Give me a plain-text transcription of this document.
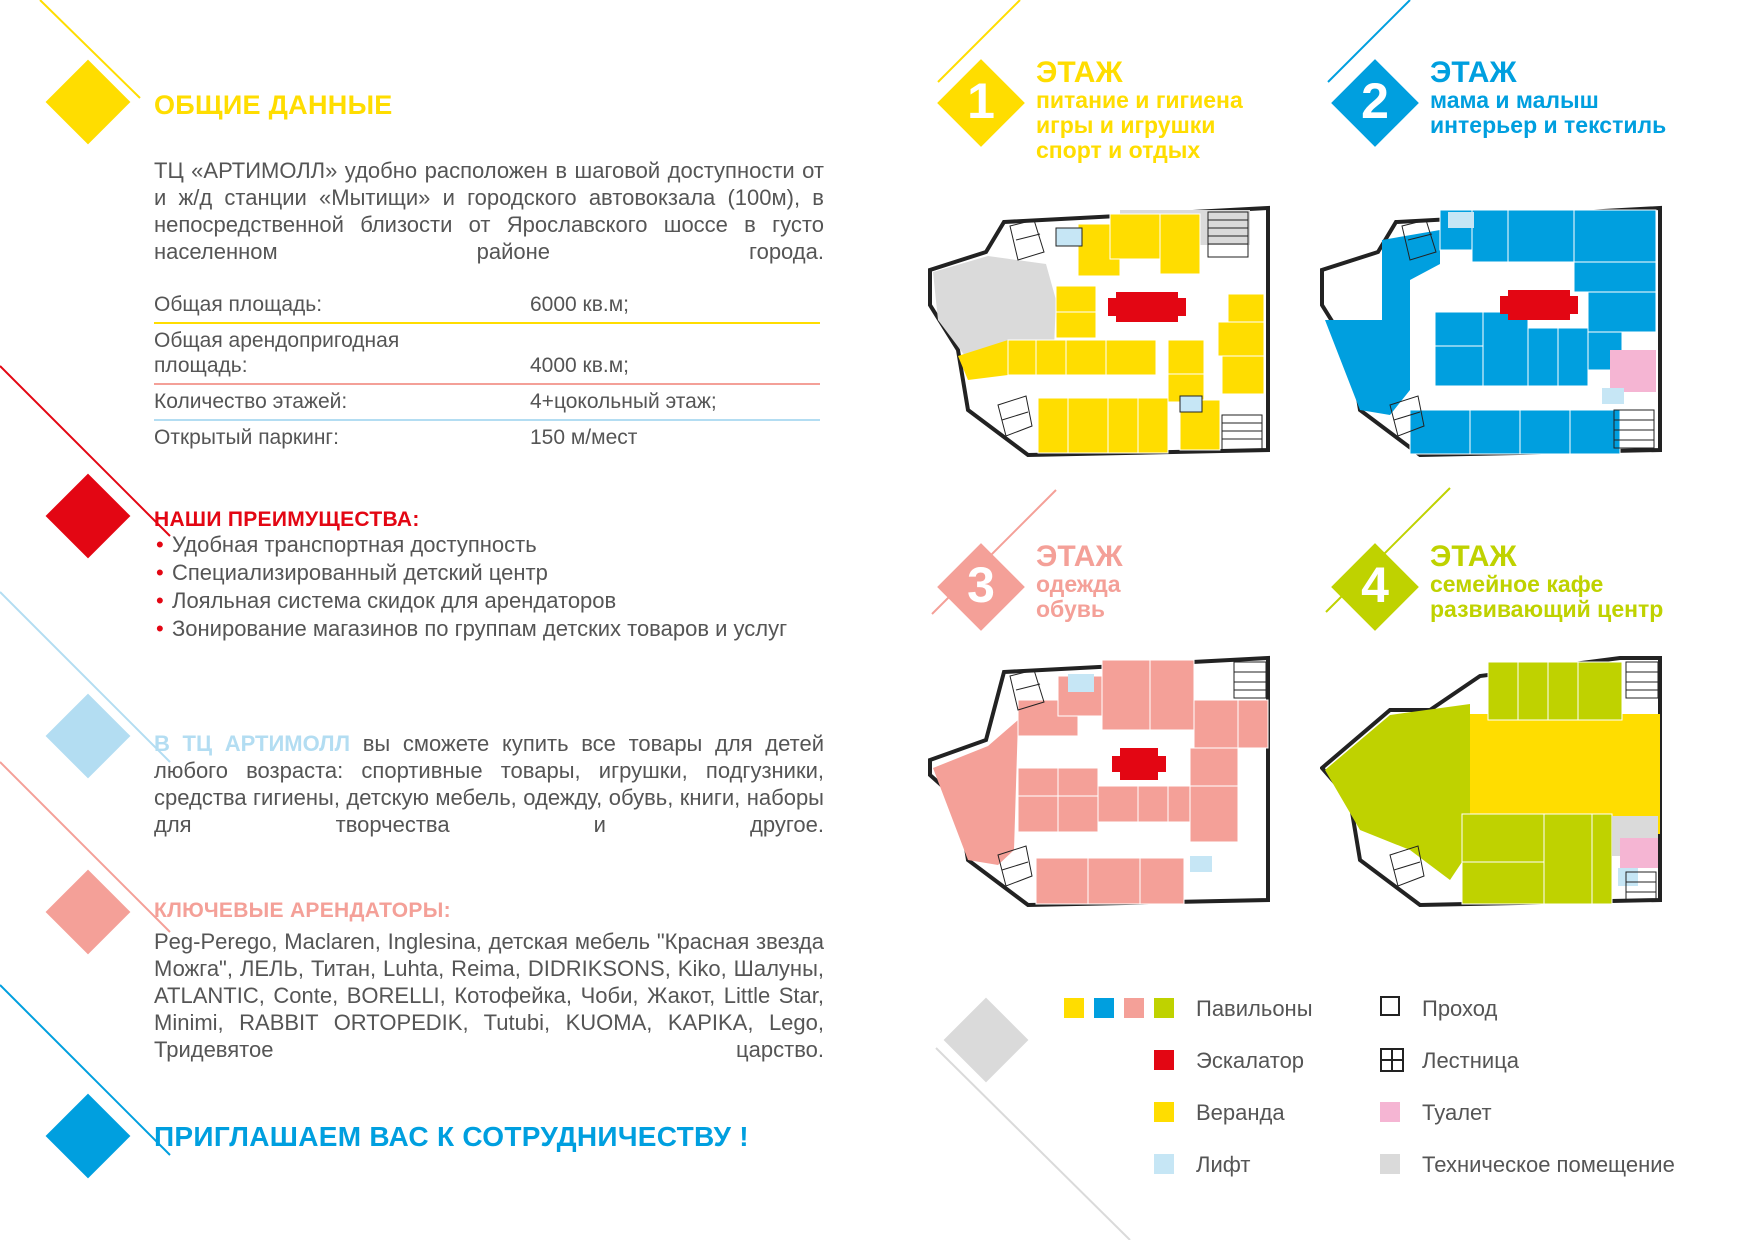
ОБЩИЕ ДАННЫЕ
ТЦ «АРТИМОЛЛ» удобно расположен в шаговой доступности от и ж/д станции «Мытищи» и городского автовокзала (100м), в непосредственной близости от Ярославского шоссе в густо населенном районе города.
Общая площадь:	6000 кв.м;
Общая арендопригодная площадь:	4000 кв.м;
Количество этажей:	4+цокольный этаж;
Открытый паркинг:	150 м/мест
НАШИ ПРЕИМУЩЕСТВА:
• Удобная транспортная доступность
• Специализированный детский центр
• Лояльная система скидок для арендаторов
• Зонирование магазинов по группам детских товаров и услуг
В ТЦ АРТИМОЛЛ вы сможете купить все товары для детей любого возраста: спортивные товары, игрушки, подгузники, средства гигиены, детскую мебель, одежду, обувь, книги, наборы для творчества и другое.
КЛЮЧЕВЫЕ АРЕНДАТОРЫ:
Peg-Perego, Maclaren, Inglesina, детская мебель "Красная звезда Можга", ЛЕЛЬ, Титан, Luhta, Reima, DIDRIKSONS, Kiko, Шалуны, ATLANTIC, Conte, BORELLI, Котофейка, Чоби, Жакот, Little Star, Minimi, RABBIT ORTOPEDIK, Tutubi, KUOMA, KAPIKA, Lego, Тридевятое царство.
ПРИГЛАШАЕМ ВАС К СОТРУДНИЧЕСТВУ !
1
ЭТАЖ
питание и гигиена
игры и игрушки
спорт и отдых
2
ЭТАЖ
мама и малыш
интерьер и текстиль
3
ЭТАЖ
одежда
обувь	4
ЭТАЖ
семейное кафе
развивающий центр
Павильоны
Эскалатор
Веранда
Лифт
Проход
Лестница
Туалет
Техническое помещение
